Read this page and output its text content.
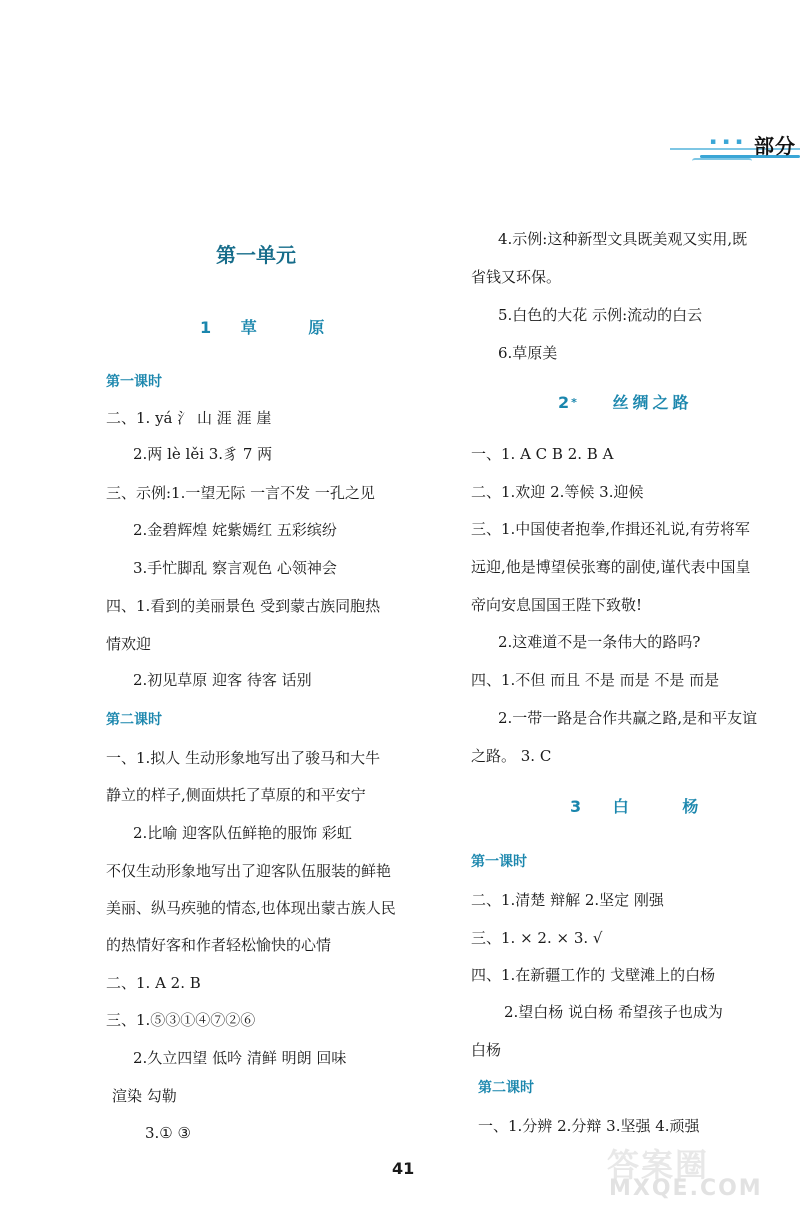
▪ ▪ ▪ 部分
第一单元
1 草	原
第一课时
二、1. yá 氵 山 涯 涯 崖
2.两 lè lěi 3.豸 7 两
三、示例:1.一望无际 一言不发 一孔之见
2.金碧辉煌 姹紫嫣红 五彩缤纷
3.手忙脚乱 察言观色 心领神会
四、1.看到的美丽景色 受到蒙古族同胞热
情欢迎
2.初见草原 迎客 待客 话别
第二课时
一、1.拟人 生动形象地写出了骏马和大牛
静立的样子,侧面烘托了草原的和平安宁
2.比喻 迎客队伍鲜艳的服饰 彩虹
不仅生动形象地写出了迎客队伍服装的鲜艳
美丽、纵马疾驰的情态,也体现出蒙古族人民
的热情好客和作者轻松愉快的心情
二、1. A 2. B
三、1.⑤③①④⑦②⑥
2.久立四望 低吟 清鲜 明朗 回味
渲染 勾勒
3.① ③
4.示例:这种新型文具既美观又实用,既
省钱又环保。
5.白色的大花 示例:流动的白云
6.草原美
2* 丝绸之路
一、1. A C B 2. B A
二、1.欢迎 2.等候 3.迎候
三、1.中国使者抱拳,作揖还礼说,有劳将军
远迎,他是博望侯张骞的副使,谨代表中国皇
帝向安息国国王陛下致敬!
2.这难道不是一条伟大的路吗?
四、1.不但 而且 不是 而是 不是 而是
2.一带一路是合作共赢之路,是和平友谊
之路。 3. C
3 白	杨
第一课时
二、1.清楚 辩解 2.坚定 刚强
三、1. × 2. × 3. √
四、1.在新疆工作的 戈壁滩上的白杨
2.望白杨 说白杨 希望孩子也成为
白杨
第二课时
一、1.分辨 2.分辩 3.坚强 4.顽强
41	答案圈
MXQE.COM
